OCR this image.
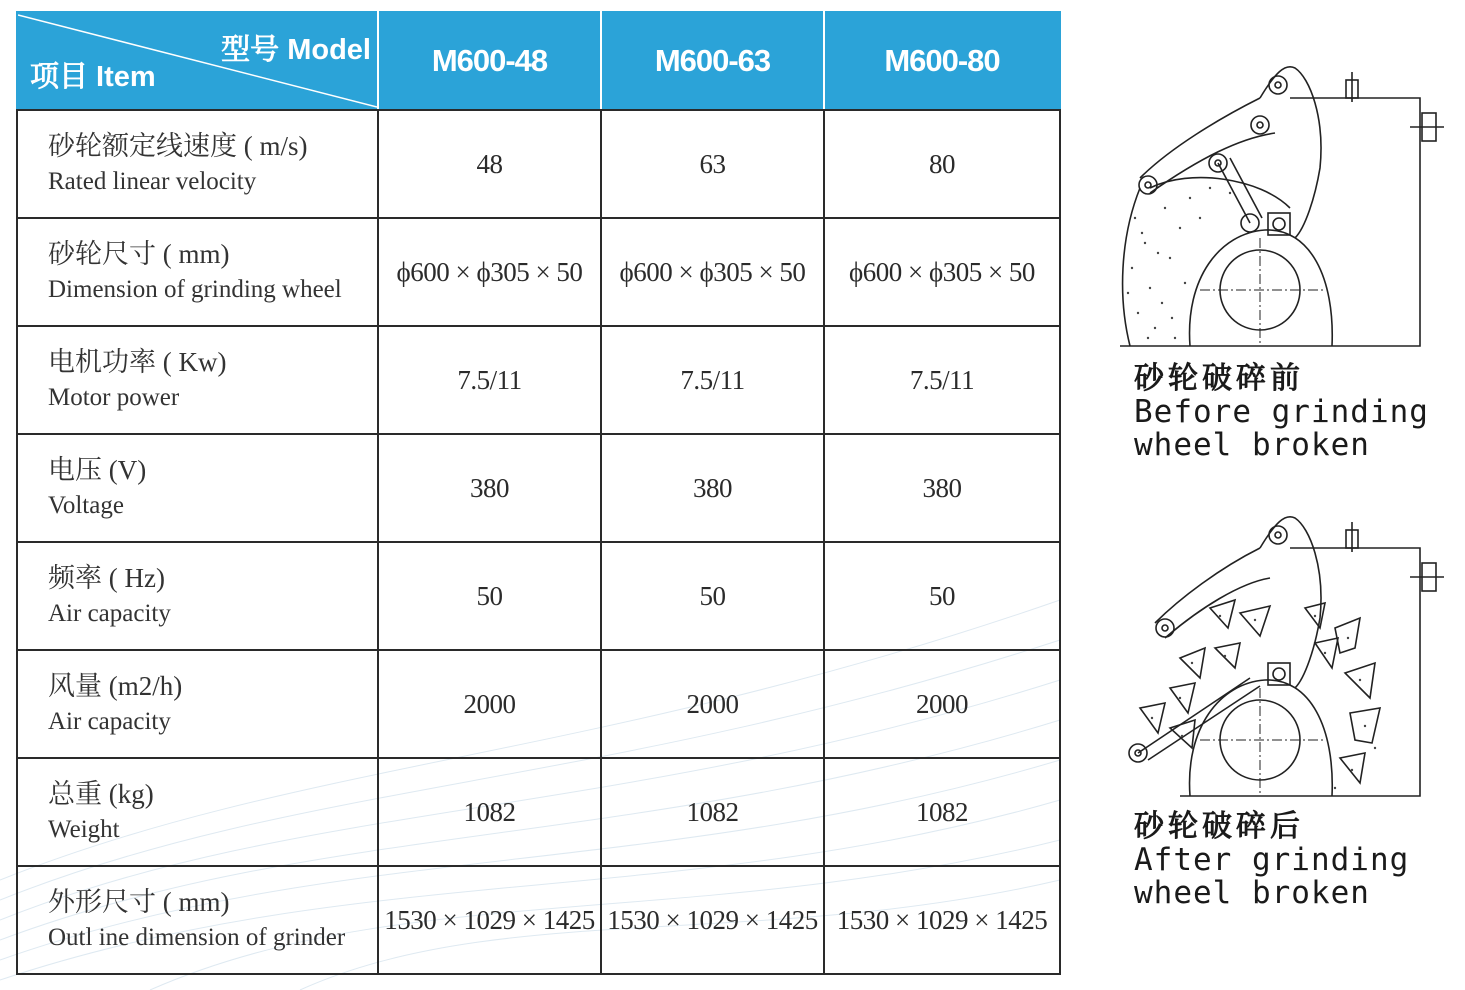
型号 Model
项目 Item	M600-48	M600-63	M600-80

砂轮额定线速度 ( m/s)
Rated linear velocity	48	63	80

砂轮尺寸 ( mm)
Dimension of grinding wheel	ϕ600 × ϕ305 × 50	ϕ600 × ϕ305 × 50	ϕ600 × ϕ305 × 50

电机功率 ( Kw)
Motor power	7.5/11	7.5/11	7.5/11

电压 (V)
Voltage	380	380	380

频率 ( Hz)
Air capacity	50	50	50

风量 (m2/h)
Air capacity	2000	2000	2000

总重 (kg)
Weight	1082	1082	1082

外形尺寸 ( mm)
Outl ine dimension of grinder	1530 × 1029 × 1425	1530 × 1029 × 1425	1530 × 1029 × 1425
砂轮破碎前
Before grinding
wheel broken
砂轮破碎后
After grinding
wheel broken
